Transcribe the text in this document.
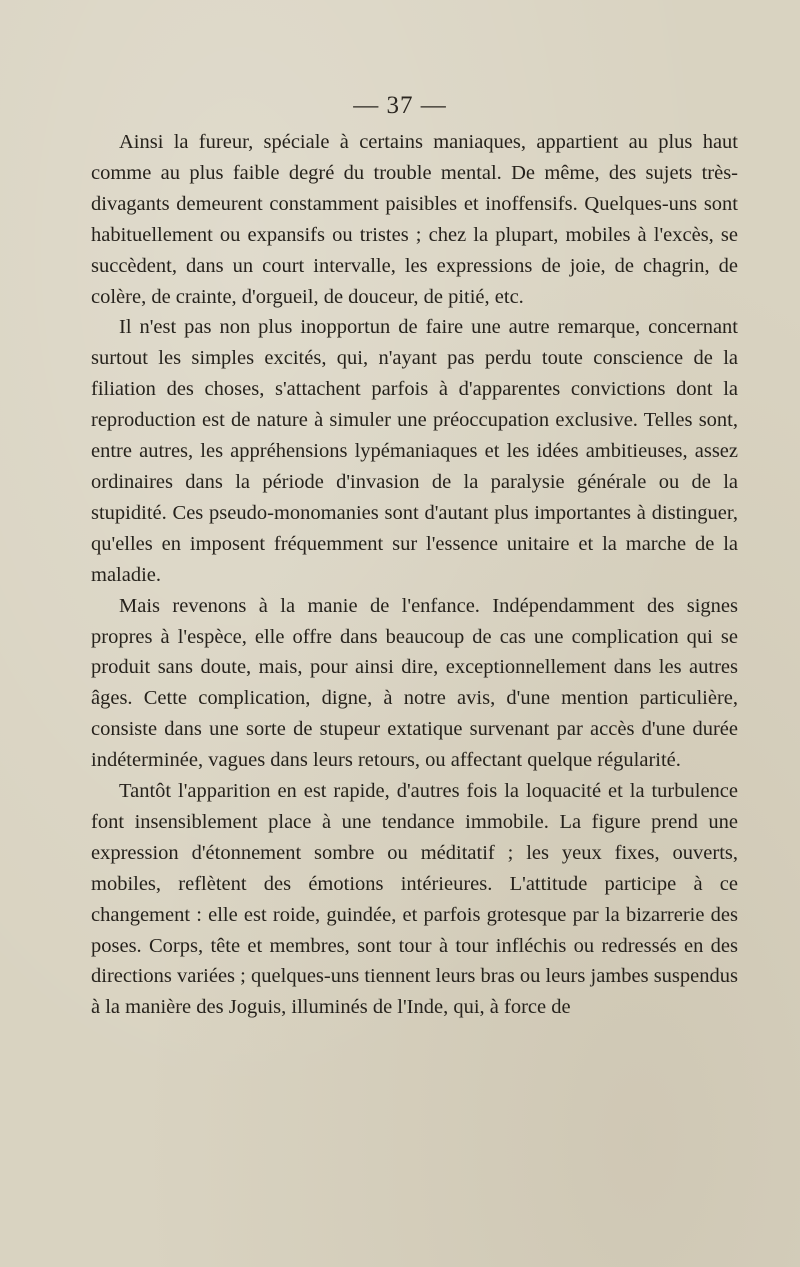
— 37 —

Ainsi la fureur, spéciale à certains maniaques, appartient au plus haut comme au plus faible degré du trouble mental. De même, des sujets très-divagants demeurent constamment paisibles et inoffensifs. Quelques-uns sont habituellement ou expansifs ou tristes ; chez la plupart, mobiles à l'excès, se succèdent, dans un court intervalle, les expressions de joie, de chagrin, de colère, de crainte, d'orgueil, de douceur, de pitié, etc.

Il n'est pas non plus inopportun de faire une autre remarque, concernant surtout les simples excités, qui, n'ayant pas perdu toute conscience de la filiation des choses, s'attachent parfois à d'apparentes convictions dont la reproduction est de nature à simuler une préoccupation exclusive. Telles sont, entre autres, les appréhensions lypémaniaques et les idées ambitieuses, assez ordinaires dans la période d'invasion de la paralysie générale ou de la stupidité. Ces pseudo-monomanies sont d'autant plus importantes à distinguer, qu'elles en imposent fréquemment sur l'essence unitaire et la marche de la maladie.

Mais revenons à la manie de l'enfance. Indépendamment des signes propres à l'espèce, elle offre dans beaucoup de cas une complication qui se produit sans doute, mais, pour ainsi dire, exceptionnellement dans les autres âges. Cette complication, digne, à notre avis, d'une mention particulière, consiste dans une sorte de stupeur extatique survenant par accès d'une durée indéterminée, vagues dans leurs retours, ou affectant quelque régularité.

Tantôt l'apparition en est rapide, d'autres fois la loquacité et la turbulence font insensiblement place à une tendance immobile. La figure prend une expression d'étonnement sombre ou méditatif ; les yeux fixes, ouverts, mobiles, reflètent des émotions intérieures. L'attitude participe à ce changement : elle est roide, guindée, et parfois grotesque par la bizarrerie des poses. Corps, tête et membres, sont tour à tour infléchis ou redressés en des directions variées ; quelques-uns tiennent leurs bras ou leurs jambes suspendus à la manière des Joguis, illuminés de l'Inde, qui, à force de
